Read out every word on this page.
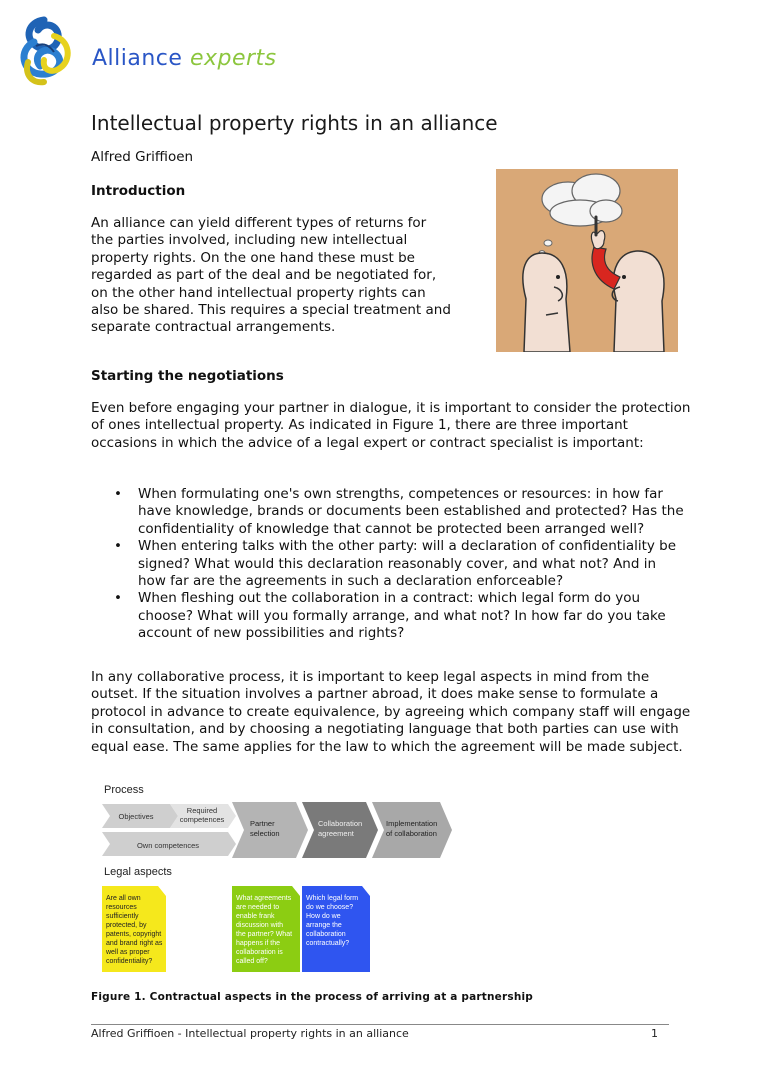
Alliance experts
Intellectual property rights in an alliance
Alfred Griffioen
Introduction
An alliance can yield different types of returns for the parties involved, including new intellectual property rights. On the one hand these must be regarded as part of the deal and be negotiated for, on the other hand intellectual property rights can also be shared. This requires a special treatment and separate contractual arrangements.
Starting the negotiations
Even before engaging your partner in dialogue, it is important to consider the protection of ones intellectual property. As indicated in Figure 1, there are three important occasions in which the advice of a legal expert or contract specialist is important:
• When formulating one's own strengths, competences or resources: in how far have knowledge, brands or documents been established and protected? Has the confidentiality of knowledge that cannot be protected been arranged well?
• When entering talks with the other party: will a declaration of confidentiality be signed? What would this declaration reasonably cover, and what not? And in how far are the agreements in such a declaration enforceable?
• When fleshing out the collaboration in a contract: which legal form do you choose? What will you formally arrange, and what not? In how far do you take account of new possibilities and rights?
In any collaborative process, it is important to keep legal aspects in mind from the outset. If the situation involves a partner abroad, it does make sense to formulate a protocol in advance to create equivalence, by agreeing which company staff will engage in consultation, and by choosing a negotiating language that both parties can use with equal ease. The same applies for the law to which the agreement will be made subject.
Process
Objectives
Required
competences
Own competences
Partner
selection
Collaboration
agreement
Implementation
of collaboration
Legal aspects
Are all own
resources
sufficiently
protected, by
patents, copyright
and brand right as
well as proper
confidentiality?
What agreements
are needed to
enable frank
discussion with
the partner? What
happens if the
collaboration is
called off?
Which legal form
do we choose?
How do we
arrange the
collaboration
contractually?
Figure 1. Contractual aspects in the process of arriving at a partnership
Alfred Griffioen - Intellectual property rights in an alliance	1
